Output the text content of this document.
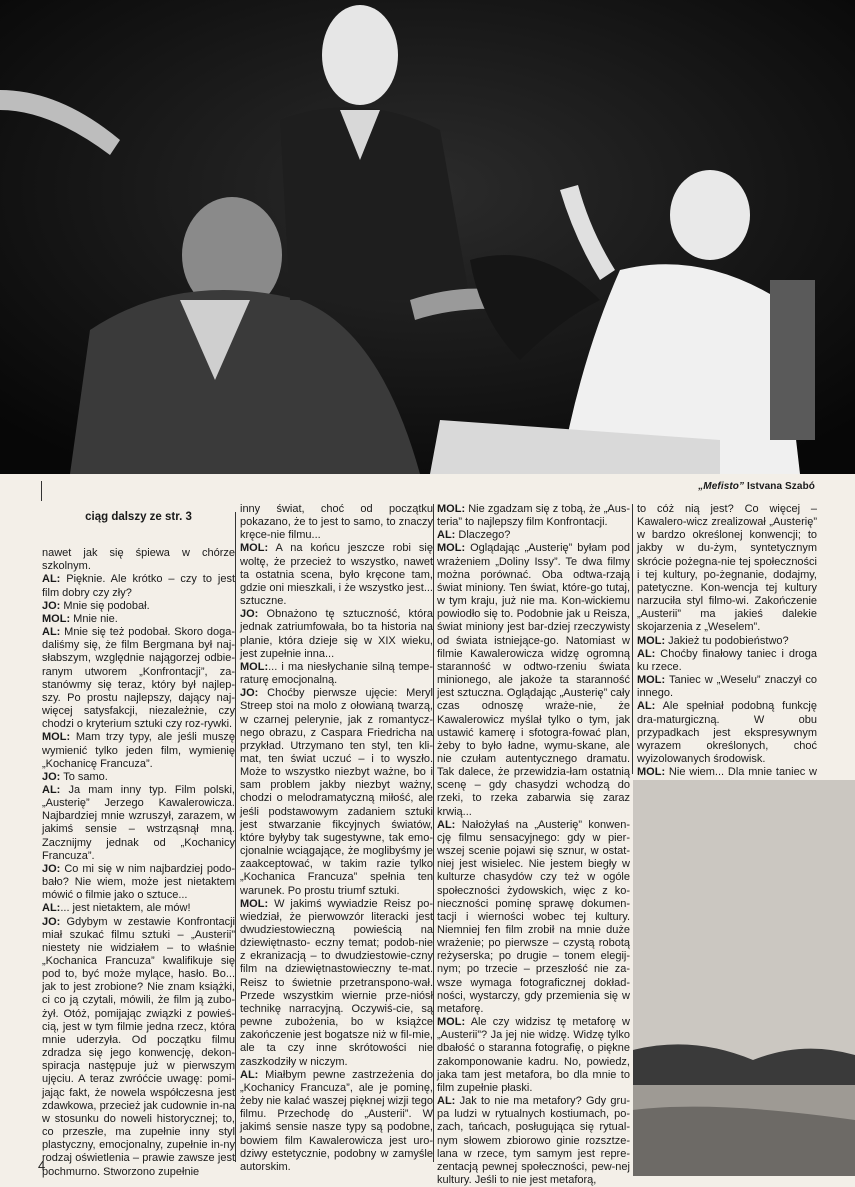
„Mefisto” Istvana Szabó

ciąg dalszy ze str. 3

nawet jak się śpiewa w chórze szkolnym.

AL: Pięknie. Ale krótko – czy to jest film dobry czy zły?

JO: Mnie się podobał.

MOL: Mnie nie.

AL: Mnie się też podobał. Skoro doga-daliśmy się, że film Bergmana był naj-słabszym, względnie najągorzej odbie-ranym utworem „Konfrontacji”, za-stanówmy się teraz, który był najlep-szy. Po prostu najlepszy, dający naj-więcej satysfakcji, niezależnie, czy chodzi o kryterium sztuki czy roz-rywki.

MOL: Mam trzy typy, ale jeśli muszę wymienić tylko jeden film, wymienię „Kochanicę Francuza”.

JO: To samo.

AL: Ja mam inny typ. Film polski, „Austerię” Jerzego Kawalerowicza. Najbardziej mnie wzruszył, zarazem, w jakimś sensie – wstrząsnął mną. Zacznijmy jednak od „Kochanicy Francuza”.

JO: Co mi się w nim najbardziej podo-bało? Nie wiem, może jest nietaktem mówić o filmie jako o sztuce...

AL:... jest nietaktem, ale mów!

JO: Gdybym w zestawie Konfrontacji miał szukać filmu sztuki – „Austerii” niestety nie widziałem – to właśnie „Kochanica Francuza” kwalifikuje się pod to, być może mylące, hasło. Bo... jak to jest zrobione? Nie znam książki, ci co ją czytali, mówili, że film ją zubo-żył. Otóż, pomijając związki z powieś-cią, jest w tym filmie jedna rzecz, która mnie uderzyła. Od początku filmu zdradza się jego konwencję, dekon-spiracja następuje już w pierwszym ujęciu. A teraz zwróćcie uwagę: pomi-jając fakt, że nowela współczesna jest zdawkowa, przecież jak cudownie in-na w stosunku do noweli historycznej; to, co przeszłe, ma zupełnie inny styl plastyczny, emocjonalny, zupełnie in-ny rodzaj oświetlenia – prawie zawsze jest pochmurno. Stworzono zupełnie

inny świat, choć od początku pokazano, że to jest to samo, to znaczy kręce-nie filmu...

MOL: A na końcu jeszcze robi się woltę, że przecież to wszystko, nawet ta ostatnia scena, było kręcone tam, gdzie oni mieszkali, i że wszystko jest... sztuczne.

JO: Obnażono tę sztuczność, która jednak zatriumfowała, bo ta historia na planie, która dzieje się w XIX wieku, jest zupełnie inna...

MOL:... i ma niesłychanie silną tempe-raturę emocjonalną.

JO: Choćby pierwsze ujęcie: Meryl Streep stoi na molo z ołowianą twarzą, w czarnej pelerynie, jak z romantycz-nego obrazu, z Caspara Friedricha na przykład. Utrzymano ten styl, ten kli-mat, ten świat uczuć – i to wyszło. Może to wszystko niezbyt ważne, bo i sam problem jakby niezbyt ważny, chodzi o melodramatyczną miłość, ale jeśli podstawowym zadaniem sztuki jest stwarzanie fikcyjnych światów, które byłyby tak sugestywne, tak emo-cjonalnie wciągające, że moglibyśmy je zaakceptować, w takim razie tylko „Kochanica Francuza” spełnia ten warunek. Po prostu triumf sztuki.

MOL: W jakimś wywiadzie Reisz po-wiedział, że pierwowzór literacki jest dwudziestowieczną powieścią na dziewiętnasto- eczny temat; podob-nie z ekranizacją – to dwudziestowie-czny film na dziewiętnastowieczny te-mat. Reisz to świetnie przetranspono-wał. Przede wszystkim wiernie prze-niósł technikę narracyjną. Oczywiś-cie, są pewne zubożenia, bo w książce zakończenie jest bogatsze niż w fil-mie, ale ta czy inne skrótowości nie zaszkodziły w niczym.

AL: Miałbym pewne zastrzeżenia do „Kochanicy Francuza”, ale je pominę, żeby nie kalać waszej pięknej wizji tego filmu. Przechodę do „Austerii”. W jakimś sensie nasze typy są podobne, bowiem film Kawalerowicza jest uro-dziwy estetycznie, podobny w zamyśle autorskim.

MOL: Nie zgadzam się z tobą, że „Aus-teria” to najlepszy film Konfrontacji.

AL: Dlaczego?

MOL: Oglądając „Austerię” byłam pod wrażeniem „Doliny Issy”. Te dwa filmy można porównać. Oba odtwa-rzają świat miniony. Ten świat, które-go tutaj, w tym kraju, już nie ma. Kon-wickiemu powiodło się to. Podobnie jak u Reisza, świat miniony jest bar-dziej rzeczywisty od świata istniejące-go. Natomiast w filmie Kawalerowicza widzę ogromną staranność w odtwo-rzeniu świata minionego, ale jakoże ta staranność jest sztuczna. Oglądając „Austerię” cały czas odnoszę wraże-nie, że Kawalerowicz myślał tylko o tym, jak ustawić kamerę i sfotogra-fować plan, żeby to było ładne, wymu-skane, ale nie czułam autentycznego dramatu. Tak dalece, że przewidzia-łam ostatnią scenę – gdy chasydzi wchodzą do rzeki, to rzeka zabarwia się zaraz krwią...

AL: Nałożyłaś na „Austerię” konwen-cję filmu sensacyjnego: gdy w pier-wszej scenie pojawi się sznur, w ostat-niej jest wisielec. Nie jestem biegły w kulturze chasydów czy też w ogóle społeczności żydowskich, więc z ko-nieczności pominę sprawę dokumen-tacji i wierności wobec tej kultury. Niemniej fen film zrobił na mnie duże wrażenie; po pierwsze – czystą robotą reżyserska; po drugie – tonem elegij-nym; po trzecie – przeszłość nie za-wsze wymaga fotograficznej dokład-ności, wystarczy, gdy przemienia się w metaforę.

MOL: Ale czy widzisz tę metaforę w „Austerii”? Ja jej nie widzę. Widzę tylko dbałość o staranna fotografię, o piękne zakomponowanie kadru. No, powiedz, jaka tam jest metafora, bo dla mnie to film zupełnie płaski.

AL: Jak to nie ma metafory? Gdy gru-pa ludzi w rytualnych kostiumach, po-zach, tańcach, posługująca się rytual-nym słowem zbiorowo ginie rozsztze-lana w rzece, tym samym jest repre-zentacją pewnej społeczności, pew-nej kultury. Jeśli to nie jest metaforą,

to cóż nią jest? Co więcej – Kawalero-wicz zrealizował „Austerię” w bardzo określonej konwencji; to jakby w du-żym, syntetycznym skrócie pożegna-nie tej społeczności i tej kultury, po-żegnanie, dodajmy, patetyczne. Kon-wencja tej kultury narzuciła styl filmo-wi. Zakończenie „Austerii” ma jakieś dalekie skojarzenia z „Weselem”.

MOL: Jakież tu podobieństwo?

AL: Choćby finałowy taniec i droga ku rzece.

MOL: Taniec w „Weselu” znaczył co innego.

AL: Ale spełniał podobną funkcję dra-maturgiczną. W obu przypadkach jest ekspresywnym wyrazem określonych, choć wyizolowanych środowisk.

MOL: Nie wiem... Dla mnie taniec w

4
